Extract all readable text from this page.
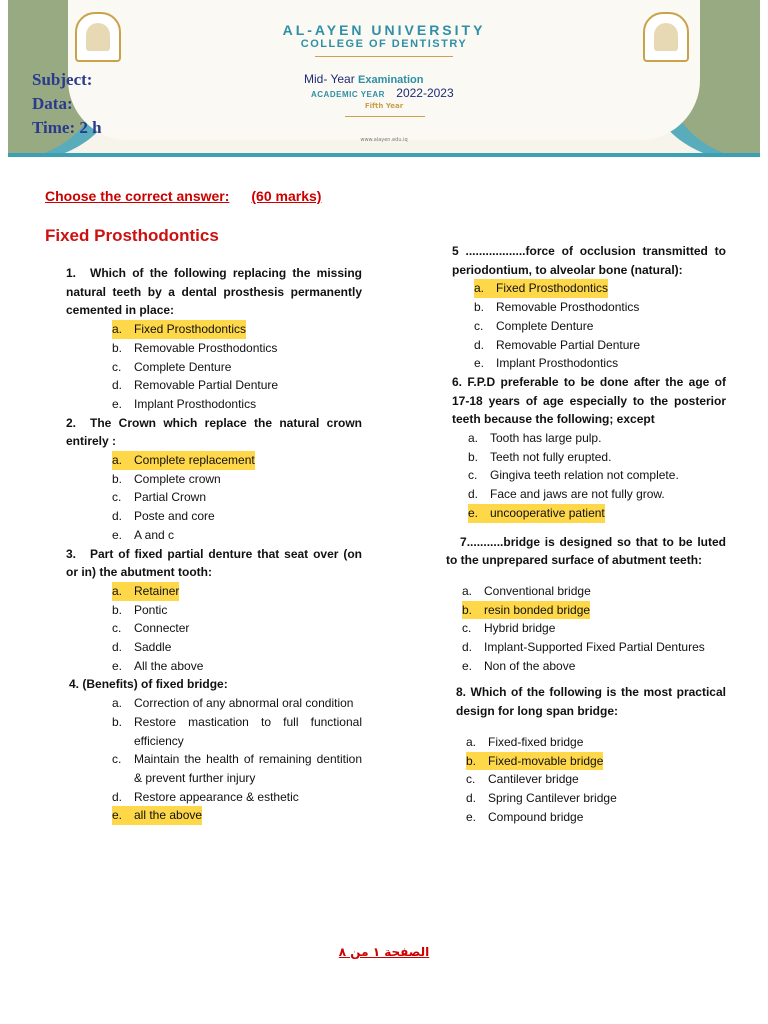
AL-AYEN UNIVERSITY
COLLEGE OF DENTISTRY
Subject:
Data:
Time: 2 h
Mid- Year Examination
ACADEMIC YEAR 2022-2023
Fifth Year
www.alayen.edu.iq
Choose the correct answer: (60 marks)
Fixed Prosthodontics

1. Which of the following replacing the missing natural teeth by a dental prosthesis permanently cemented in place:

a. Fixed Prosthodontics
b. Removable Prosthodontics
c.	Complete Denture
d. Removable Partial Denture
e. Implant Prosthodontics

2. The Crown which replace the natural crown entirely :

a. Complete replacement
b. Complete crown
c.	Partial Crown
d. Poste and core
e. A and c

3. Part of fixed partial denture that seat over (on or in) the abutment tooth:

a. Retainer
b. Pontic
c.	Connecter
d. Saddle
e. All the above

4. (Benefits) of fixed bridge:

a. Correction of any abnormal oral condition
b. Restore mastication to full functional efficiency
c.	Maintain the health of remaining dentition & prevent further injury
d. Restore appearance & esthetic
e. all the above

5 ..................force of occlusion transmitted to periodontium, to alveolar bone (natural):

a. Fixed Prosthodontics
b. Removable Prosthodontics
c.	Complete Denture
d. Removable Partial Denture
e. Implant Prosthodontics

6. F.P.D preferable to be done after the age of 17-18 years of age especially to the posterior teeth because the following; except

a. Tooth has large pulp.
b. Teeth not fully erupted.
c.	Gingiva teeth relation not complete.
d. Face and jaws are not fully grow.
e. uncooperative patient

7...........bridge is designed so that to be luted to the unprepared surface of abutment teeth:

a. Conventional bridge
b. resin bonded bridge
c.	Hybrid bridge
d. Implant-Supported Fixed Partial Dentures
e. Non of the above

8. Which of the following is the most practical design for long span bridge:

a. Fixed-fixed bridge
b. Fixed-movable bridge
c.	Cantilever bridge
d. Spring Cantilever bridge
e. Compound bridge
الصفحة ١ من ٨
